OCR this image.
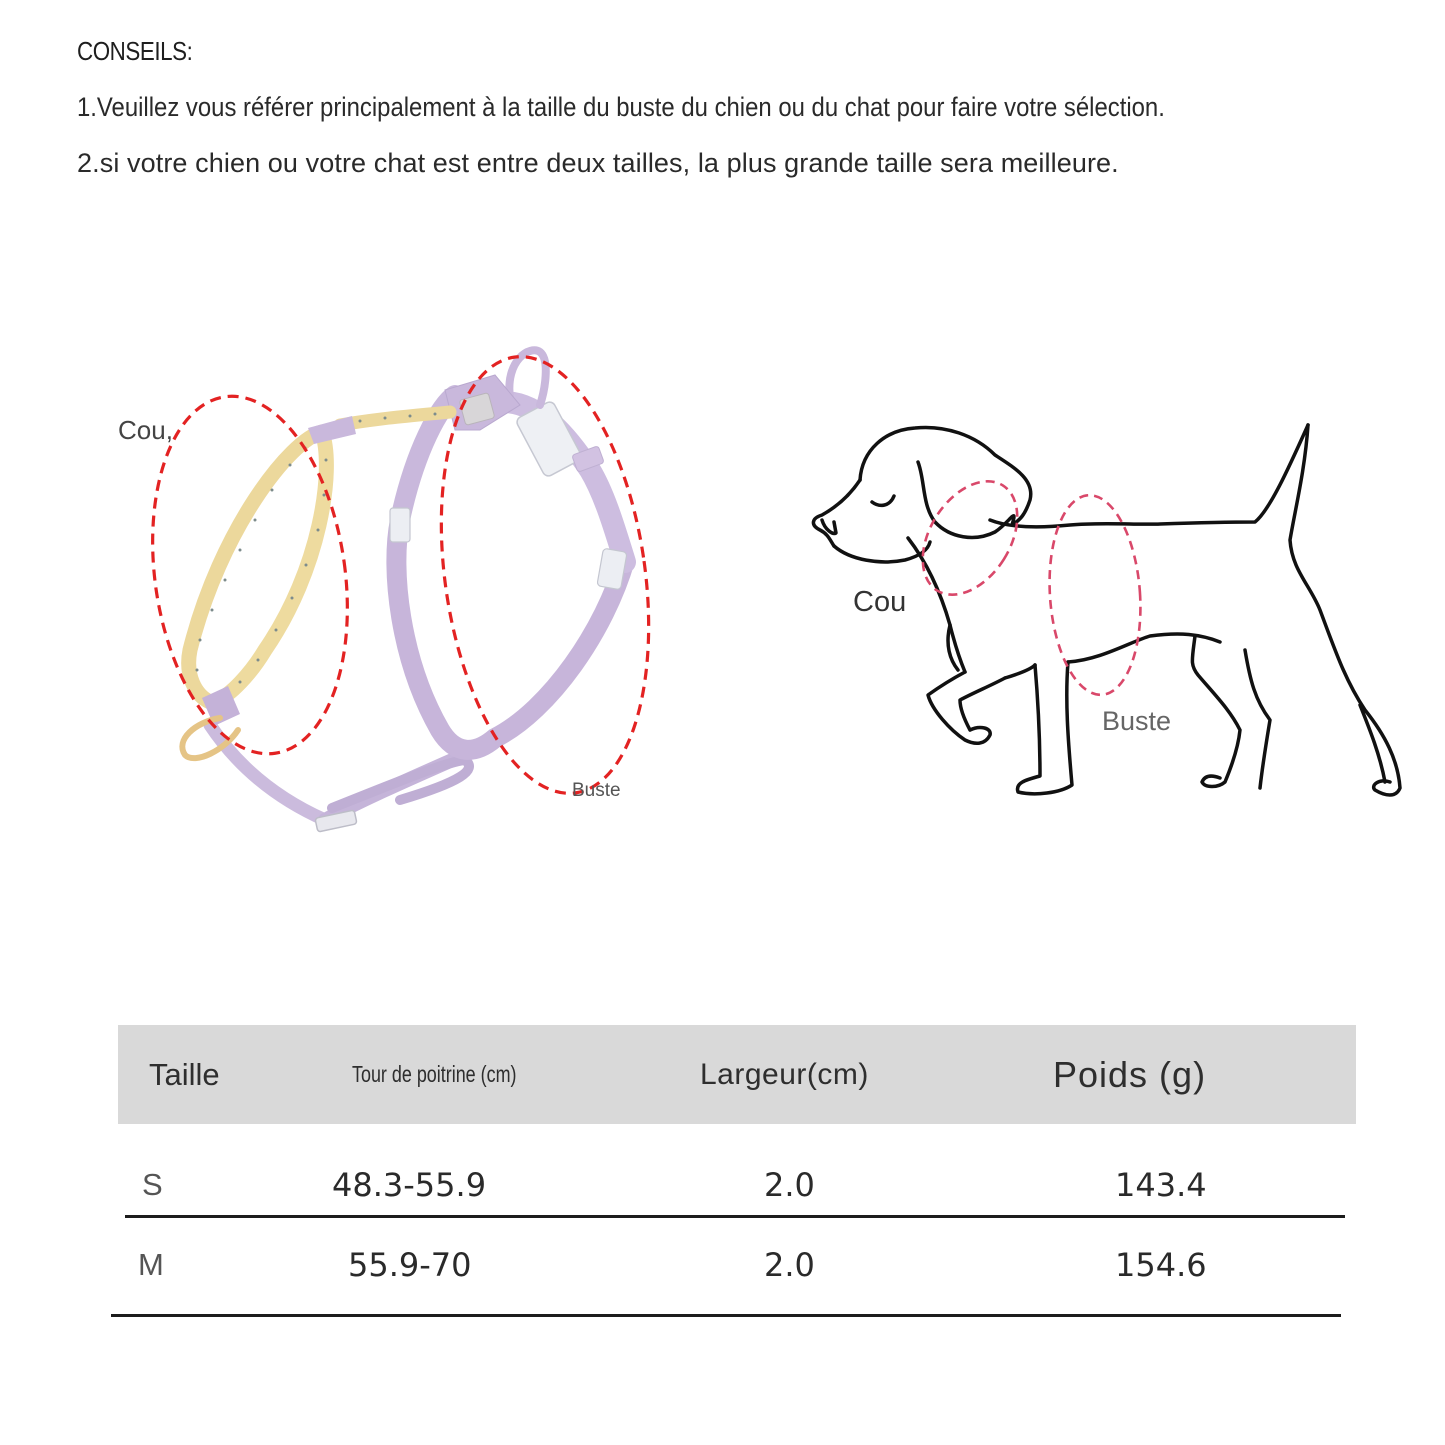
CONSEILS:
1.Veuillez vous référer principalement à la taille du buste du chien ou du chat pour faire votre sélection.
2.si votre chien ou votre chat est entre deux tailles, la plus grande taille sera meilleure.
Cou,
Buste
Cou
Buste
Taille	Tour de poitrine (cm)	Largeur(cm)	Poids (g)
S	48.3-55.9	2.0	143.4
M	55.9-70	2.0	154.6
